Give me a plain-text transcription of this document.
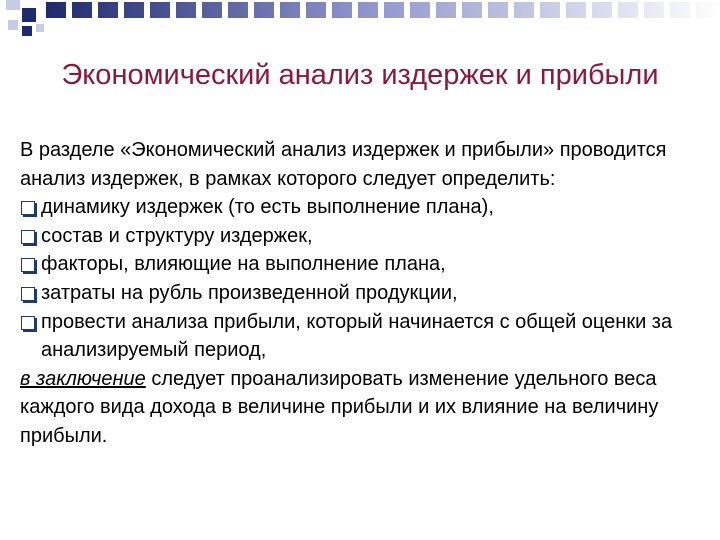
Экономический анализ издержек и прибыли

В разделе «Экономический анализ издержек и прибыли» проводится анализ издержек, в рамках которого следует определить:

динамику издержек (то есть выполнение плана),
состав и структуру издержек,
факторы, влияющие на выполнение плана,
затраты на рубль произведенной продукции,
провести анализа прибыли, который начинается с общей оценки за анализируемый период,

в заключение следует проанализировать изменение удельного веса каждого вида дохода в величине прибыли и их влияние на величину прибыли.
